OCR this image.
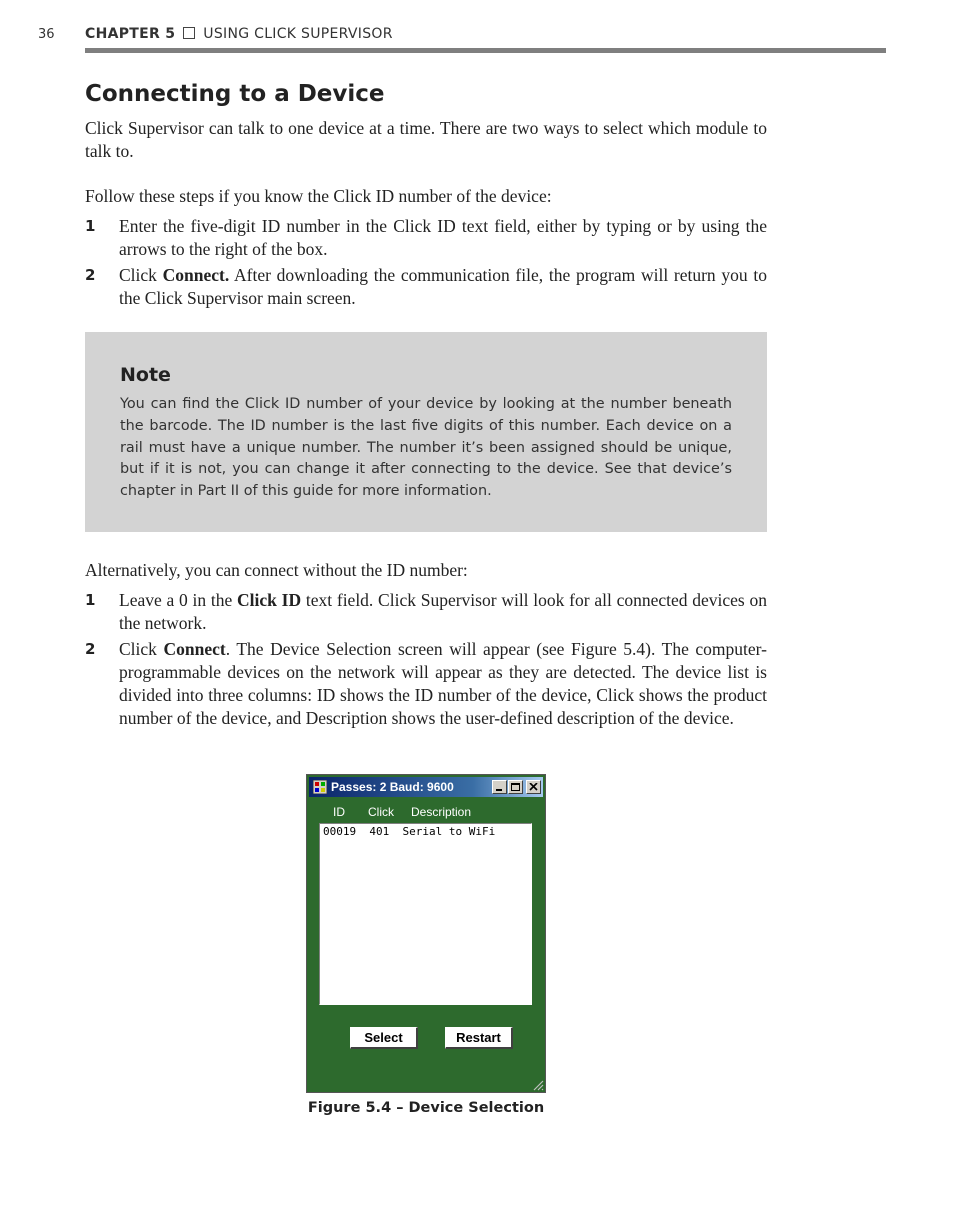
36 CHAPTER 5 USING CLICK SUPERVISOR
Connecting to a Device

Click Supervisor can talk to one device at a time. There are two ways to select which module to talk to.

Follow these steps if you know the Click ID number of the device:

1 Enter the five-digit ID number in the Click ID text field, either by typing or by using the arrows to the right of the box.
2 Click Connect. After downloading the communication file, the program will return you to the Click Supervisor main screen.
Note
You can find the Click ID number of your device by looking at the number beneath the barcode. The ID number is the last five digits of this number. Each device on a rail must have a unique number. The number it’s been assigned should be unique, but if it is not, you can change it after connecting to the device. See that device’s chapter in Part II of this guide for more information.

Alternatively, you can connect without the ID number:

1 Leave a 0 in the Click ID text field. Click Supervisor will look for all connected devices on the network.
2 Click Connect. The Device Selection screen will appear (see Figure 5.4). The computer-programmable devices on the network will appear as they are detected. The device list is divided into three columns: ID shows the ID number of the device, Click shows the product number of the device, and Description shows the user-defined description of the device.
Passes: 2 Baud: 9600
ID Click Description
00019 401 Serial to WiFi
Select	Restart
Figure 5.4 – Device Selection
